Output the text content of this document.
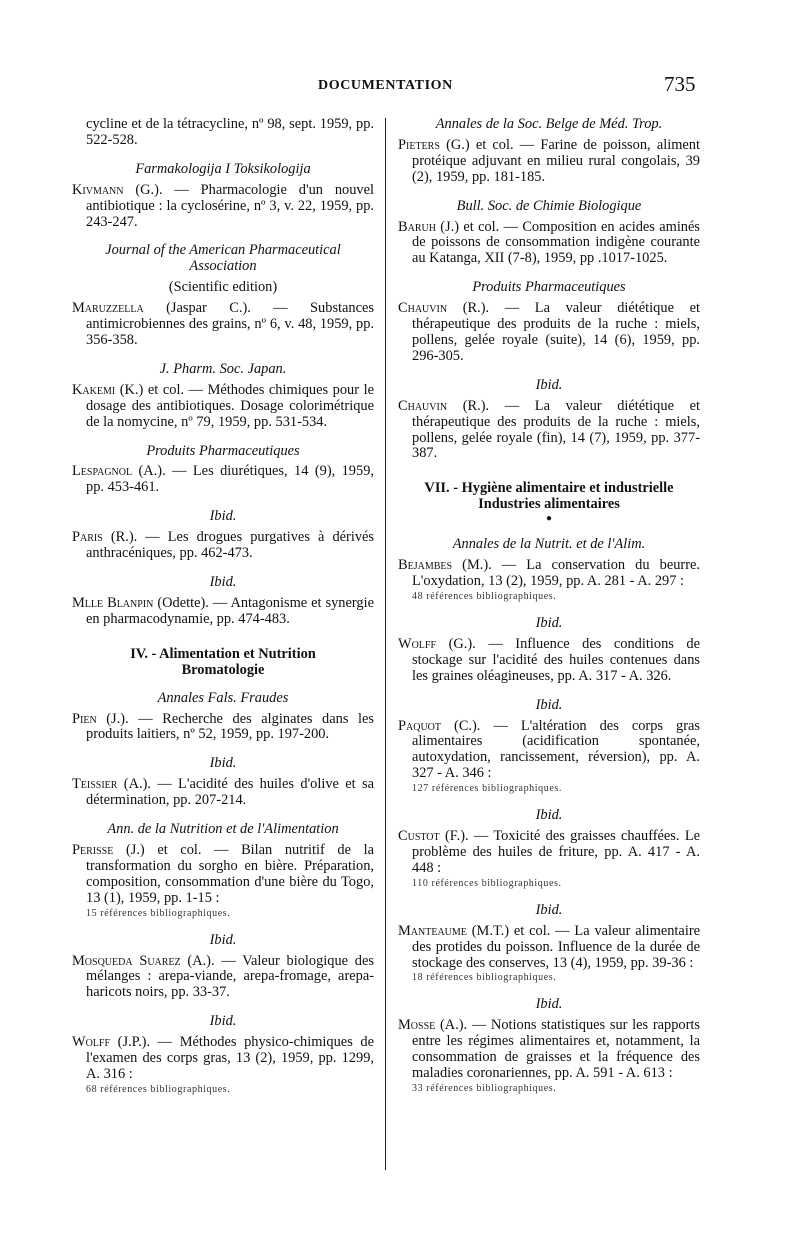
DOCUMENTATION	735

cycline et de la tétracycline, nº 98, sept. 1959, pp. 522-528.

Farmakologija I Toksikologija

Kivmann (G.). — Pharmacologie d'un nouvel antibiotique : la cyclosérine, nº 3, v. 22, 1959, pp. 243-247.

Journal of the American Pharmaceutical Association
(Scientific edition)

Maruzzella (Jaspar C.). — Substances antimicrobiennes des grains, nº 6, v. 48, 1959, pp. 356-358.

J. Pharm. Soc. Japan.

Kakemi (K.) et col. — Méthodes chimiques pour le dosage des antibiotiques. Dosage colorimétrique de la nomycine, nº 79, 1959, pp. 531-534.

Produits Pharmaceutiques

Lespagnol (A.). — Les diurétiques, 14 (9), 1959, pp. 453-461.

Ibid.

Paris (R.). — Les drogues purgatives à dérivés anthracéniques, pp. 462-473.

Ibid.

Mlle Blanpin (Odette). — Antagonisme et synergie en pharmacodynamie, pp. 474-483.

IV. - Alimentation et Nutrition
Bromatologie
Annales Fals. Fraudes

Pien (J.). — Recherche des alginates dans les produits laitiers, nº 52, 1959, pp. 197-200.

Ibid.

Teissier (A.). — L'acidité des huiles d'olive et sa détermination, pp. 207-214.

Ann. de la Nutrition et de l'Alimentation

Perisse (J.) et col. — Bilan nutritif de la transformation du sorgho en bière. Préparation, composition, consommation d'une bière du Togo, 13 (1), 1959, pp. 1-15 :

15 références bibliographiques.
Ibid.

Mosqueda Suarez (A.). — Valeur biologique des mélanges : arepa-viande, arepa-fromage, arepa-haricots noirs, pp. 33-37.

Ibid.

Wolff (J.P.). — Méthodes physico-chimiques de l'examen des corps gras, 13 (2), 1959, pp. 1299, A. 316 :

68 références bibliographiques.
Annales de la Soc. Belge de Méd. Trop.

Pieters (G.) et col. — Farine de poisson, aliment protéique adjuvant en milieu rural congolais, 39 (2), 1959, pp. 181-185.

Bull. Soc. de Chimie Biologique

Baruh (J.) et col. — Composition en acides aminés de poissons de consommation indigène courante au Katanga, XII (7-8), 1959, pp .1017-1025.

Produits Pharmaceutiques

Chauvin (R.). — La valeur diététique et thérapeutique des produits de la ruche : miels, pollens, gelée royale (suite), 14 (6), 1959, pp. 296-305.

Ibid.

Chauvin (R.). — La valeur diététique et thérapeutique des produits de la ruche : miels, pollens, gelée royale (fin), 14 (7), 1959, pp. 377-387.

VII. - Hygiène alimentaire et industrielle
Industries alimentaires
●
Annales de la Nutrit. et de l'Alim.

Bejambes (M.). — La conservation du beurre. L'oxydation, 13 (2), 1959, pp. A. 281 - A. 297 :

48 références bibliographiques.
Ibid.

Wolff (G.). — Influence des conditions de stockage sur l'acidité des huiles contenues dans les graines oléagineuses, pp. A. 317 - A. 326.

Ibid.

Paquot (C.). — L'altération des corps gras alimentaires (acidification spontanée, autoxydation, rancissement, réversion), pp. A. 327 - A. 346 :

127 références bibliographiques.
Ibid.

Custot (F.). — Toxicité des graisses chauffées. Le problème des huiles de friture, pp. A. 417 - A. 448 :

110 références bibliographiques.
Ibid.

Manteaume (M.T.) et col. — La valeur alimentaire des protides du poisson. Influence de la durée de stockage des conserves, 13 (4), 1959, pp. 39-36 :

18 références bibliographiques.
Ibid.

Mosse (A.). — Notions statistiques sur les rapports entre les régimes alimentaires et, notamment, la consommation de graisses et la fréquence des maladies coronariennes, pp. A. 591 - A. 613 :

33 références bibliographiques.
